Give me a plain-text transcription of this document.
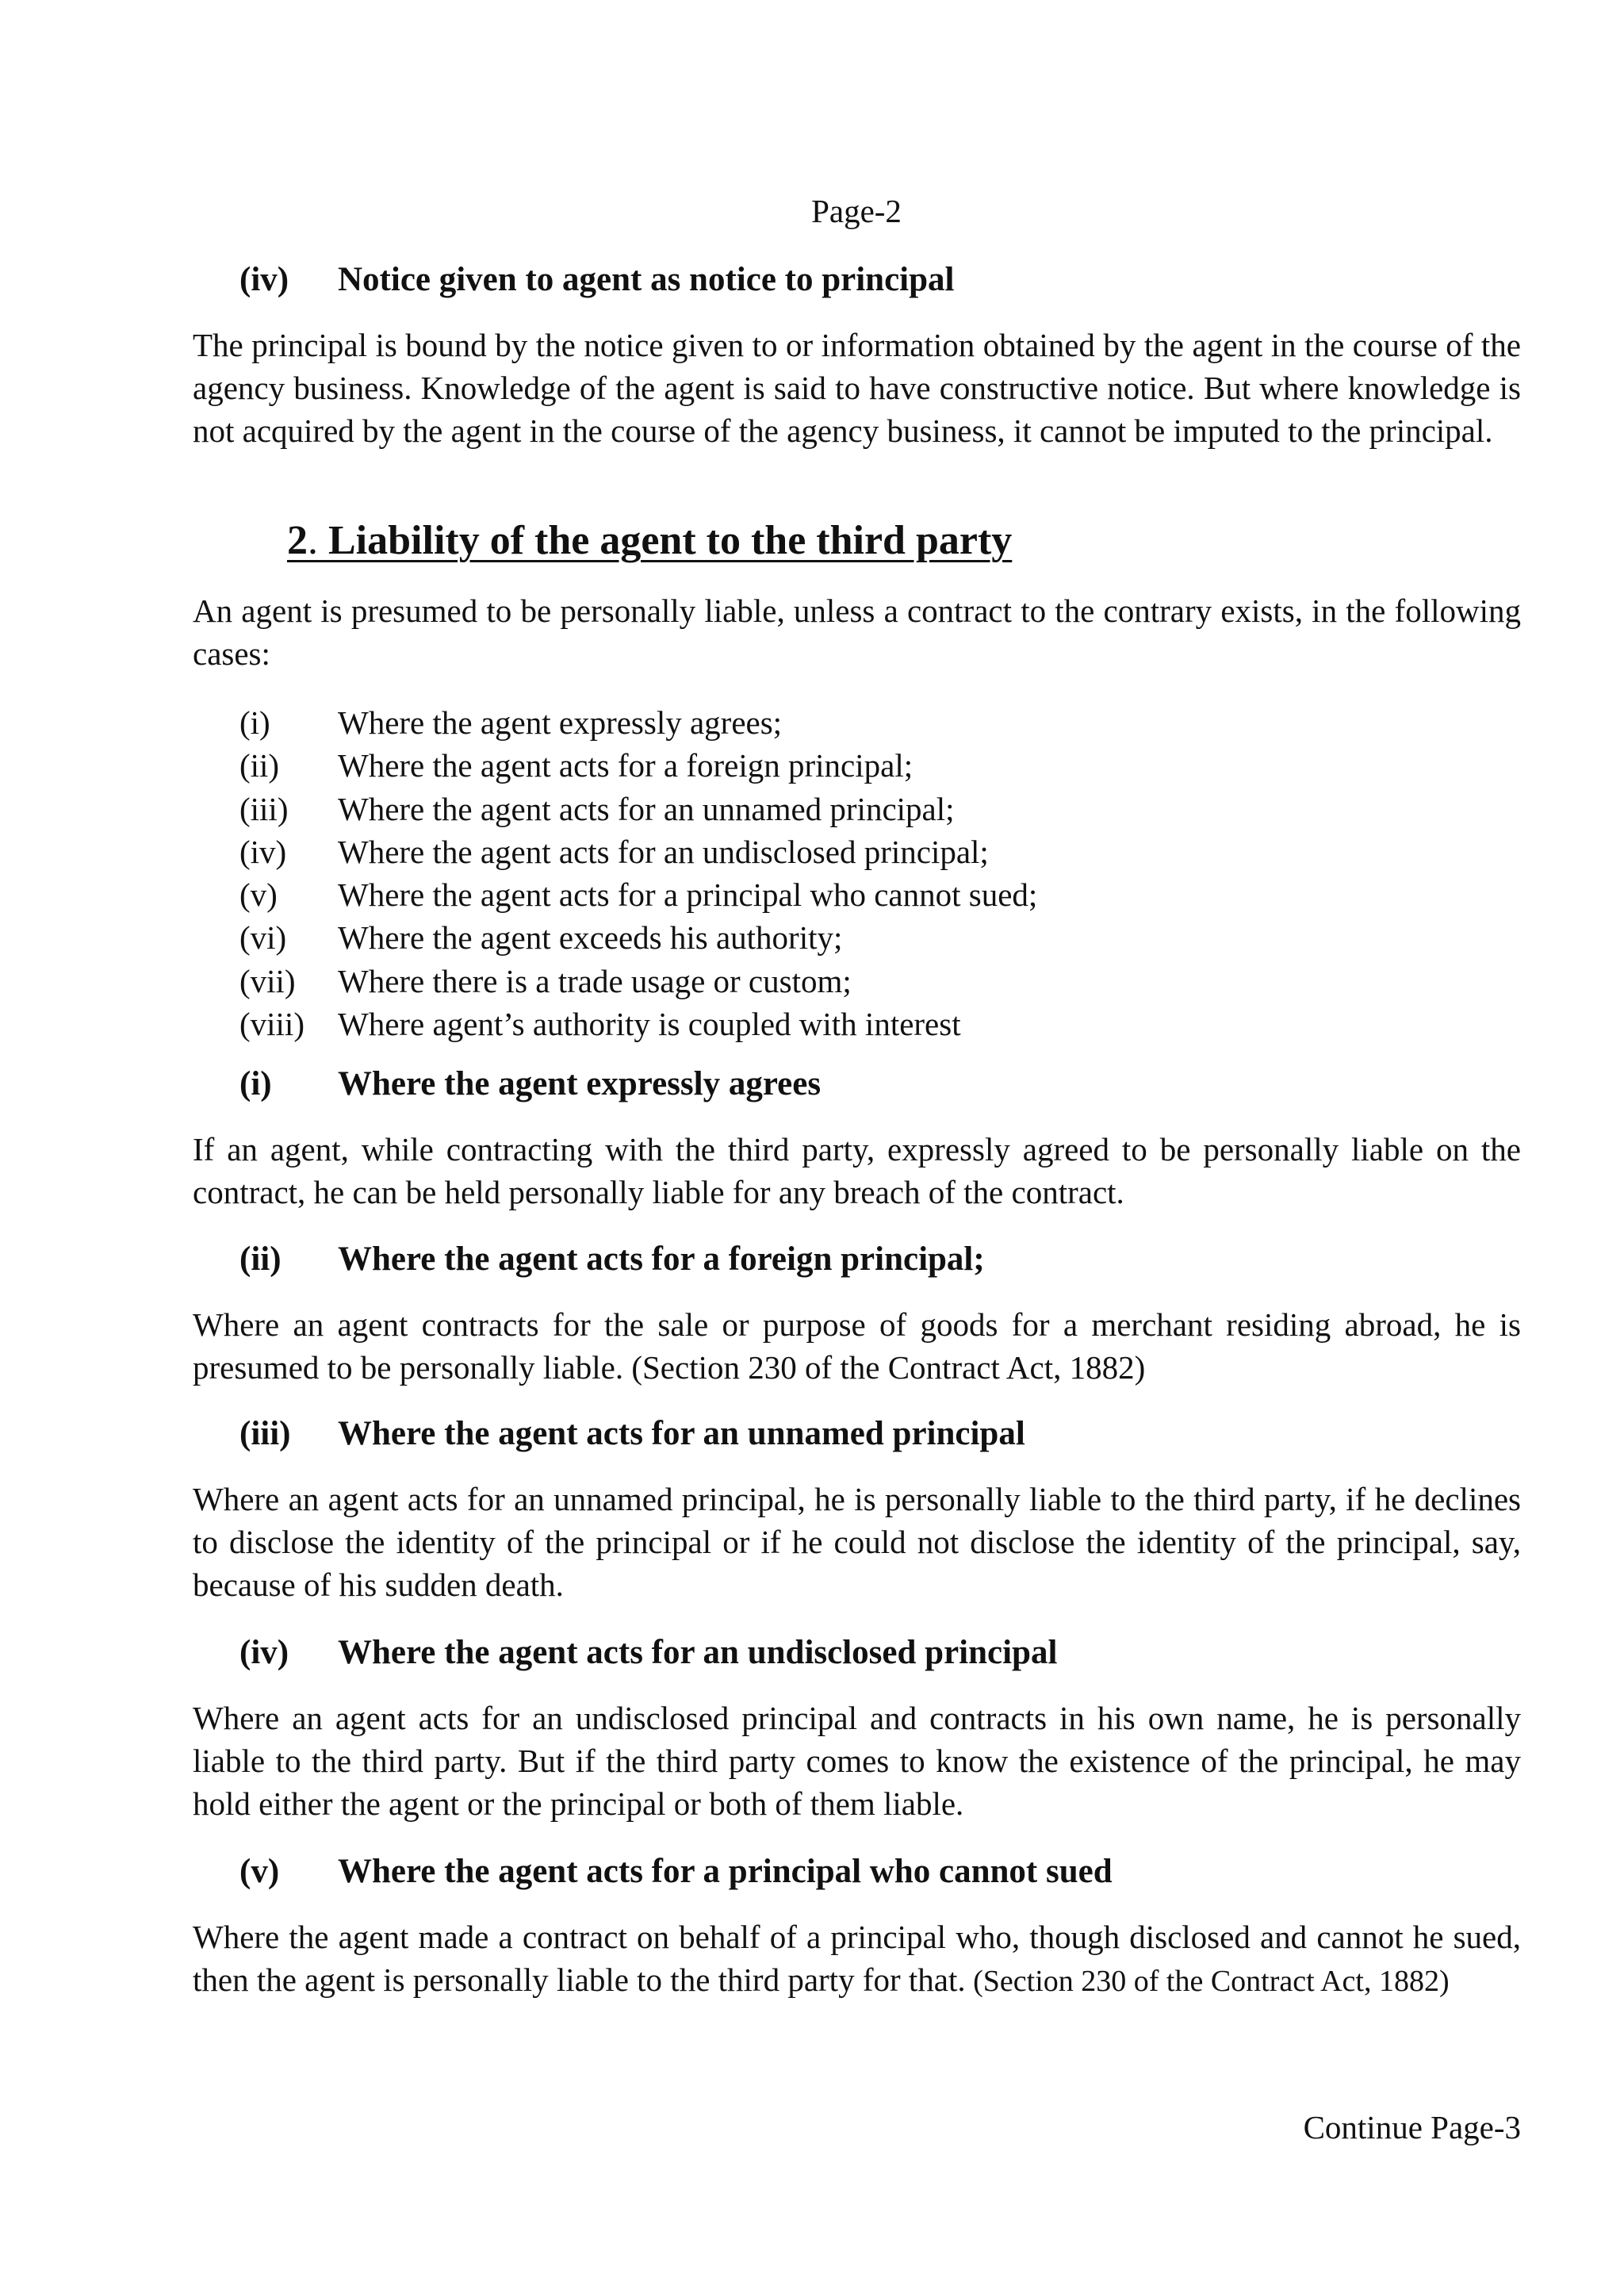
Page-2
(iv) Notice given to agent as notice to principal

The principal is bound by the notice given to or information obtained by the agent in the course of the agency business. Knowledge of the agent is said to have constructive notice. But where knowledge is not acquired by the agent in the course of the agency business, it cannot be imputed to the principal.

2. Liability of the agent to the third party

An agent is presumed to be personally liable, unless a contract to the contrary exists, in the following cases:

(i)	Where the agent expressly agrees;
(ii)	Where the agent acts for a foreign principal;
(iii)	Where the agent acts for an unnamed principal;
(iv)	Where the agent acts for an undisclosed principal;
(v)	Where the agent acts for a principal who cannot sued;
(vi)	Where the agent exceeds his authority;
(vii)	Where there is a trade usage or custom;
(viii)	Where agent’s authority is coupled with interest
(i) Where the agent expressly agrees

If an agent, while contracting with the third party, expressly agreed to be personally liable on the contract, he can be held personally liable for any breach of the contract.

(ii) Where the agent acts for a foreign principal;

Where an agent contracts for the sale or purpose of goods for a merchant residing abroad, he is presumed to be personally liable. (Section 230 of the Contract Act, 1882)

(iii) Where the agent acts for an unnamed principal

Where an agent acts for an unnamed principal, he is personally liable to the third party, if he declines to disclose the identity of the principal or if he could not disclose the identity of the principal, say, because of his sudden death.

(iv) Where the agent acts for an undisclosed principal

Where an agent acts for an undisclosed principal and contracts in his own name, he is personally liable to the third party. But if the third party comes to know the existence of the principal, he may hold either the agent or the principal or both of them liable.

(v) Where the agent acts for a principal who cannot sued

Where the agent made a contract on behalf of a principal who, though disclosed and cannot he sued, then the agent is personally liable to the third party for that. (Section 230 of the Contract Act, 1882)

Continue Page-3
